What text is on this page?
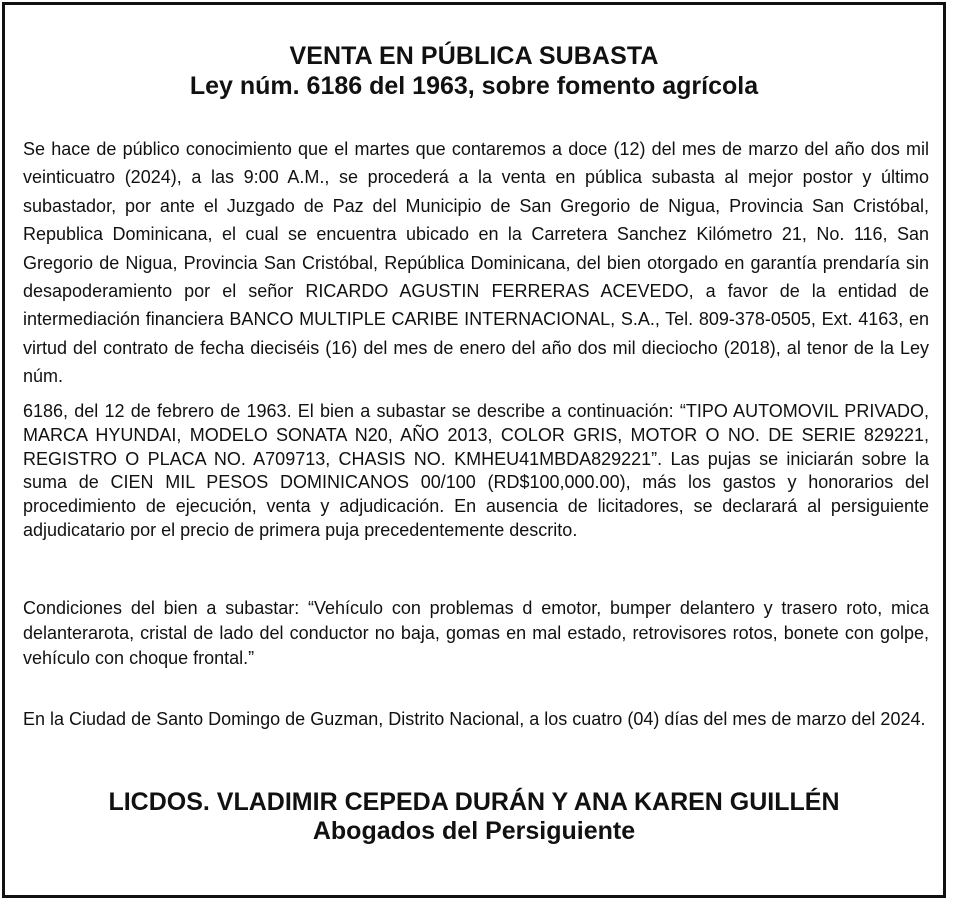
VENTA EN PÚBLICA SUBASTA
Ley núm. 6186 del 1963, sobre fomento agrícola
Se hace de público conocimiento que el martes que contaremos a doce (12) del mes de marzo del año dos mil veinticuatro (2024), a las 9:00 A.M., se procederá a la venta en pública subasta al mejor postor y último subastador, por ante el Juzgado de Paz del Municipio de San Gregorio de Nigua, Provincia San Cristóbal, Republica Dominicana, el cual se encuentra ubicado en la Carretera Sanchez Kilómetro 21, No. 116, San Gregorio de Nigua, Provincia San Cristóbal, República Dominicana, del bien otorgado en garantía prendaría sin desapoderamiento por el señor RICARDO AGUSTIN FERRERAS ACEVEDO, a favor de la entidad de intermediación financiera BANCO MULTIPLE CARIBE INTERNACIONAL, S.A., Tel. 809-378-0505, Ext. 4163, en virtud del contrato de fecha dieciséis (16) del mes de enero del año dos mil dieciocho (2018), al tenor de la Ley núm.
6186, del 12 de febrero de 1963. El bien a subastar se describe a continuación: “TIPO AUTOMOVIL PRIVADO, MARCA HYUNDAI, MODELO SONATA N20, AÑO 2013, COLOR GRIS, MOTOR O NO. DE SERIE 829221, REGISTRO O PLACA NO. A709713, CHASIS NO. KMHEU41MBDA829221”. Las pujas se iniciarán sobre la suma de CIEN MIL PESOS DOMINICANOS 00/100 (RD$100,000.00), más los gastos y honorarios del procedimiento de ejecución, venta y adjudicación. En ausencia de licitadores, se declarará al persiguiente adjudicatario por el precio de primera puja precedentemente descrito.
Condiciones del bien a subastar: “Vehículo con problemas d emotor, bumper delantero y trasero roto, mica delanterarota, cristal de lado del conductor no baja, gomas en mal estado, retrovisores rotos, bonete con golpe, vehículo con choque frontal.”
En la Ciudad de Santo Domingo de Guzman, Distrito Nacional, a los cuatro (04) días del mes de marzo del 2024.
LICDOS. VLADIMIR CEPEDA DURÁN Y ANA KAREN GUILLÉN
Abogados del Persiguiente
